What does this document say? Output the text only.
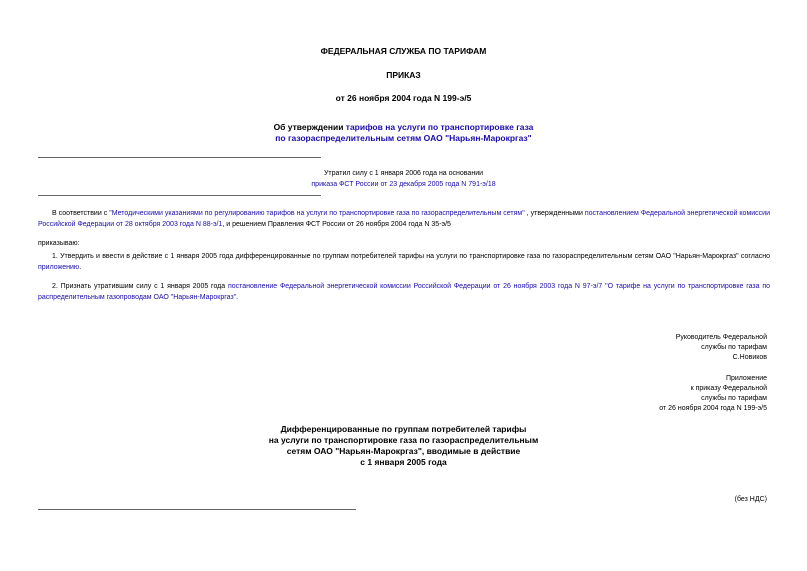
ФЕДЕРАЛЬНАЯ СЛУЖБА ПО ТАРИФАМ
ПРИКАЗ
от 26 ноября 2004 года N 199-э/5
Об утверждении тарифов на услуги по транспортировке газа
по газораспределительным сетям ОАО "Нарьян-Марокргаз"
Утратил силу с 1 января 2006 года на основании
приказа ФСТ России от 23 декабря 2005 года N 791-э/18
В соответствии с "Методическими указаниями по регулированию тарифов на услуги по транспортировке газа по газораспределительным сетям" , утвержденными постановлением Федеральной энергетической комиссии Российской Федерации от 28 октября 2003 года N 88-э/1, и решением Правления ФСТ России от 26 ноября 2004 года N 35-э/5
приказываю:
1. Утвердить и ввести в действие с 1 января 2005 года дифференцированные по группам потребителей тарифы на услуги по транспортировке газа по газораспределительным сетям ОАО "Нарьян-Марокргаз" согласно приложению.
2. Признать утратившим силу с 1 января 2005 года постановление Федеральной энергетической комиссии Российской Федерации от 26 ноября 2003 года N 97-э/7 "О тарифе на услуги по транспортировке газа по распределительным газопроводам ОАО "Нарьян-Марокргаз".
Руководитель Федеральной
службы по тарифам
С.Новиков
Приложение
к приказу Федеральной
службы по тарифам
от 26 ноября 2004 года N 199-э/5
Дифференцированные по группам потребителей тарифы
на услуги по транспортировке газа по газораспределительным
сетям ОАО "Нарьян-Марокргаз", вводимые в действие
с 1 января 2005 года
(без НДС)
